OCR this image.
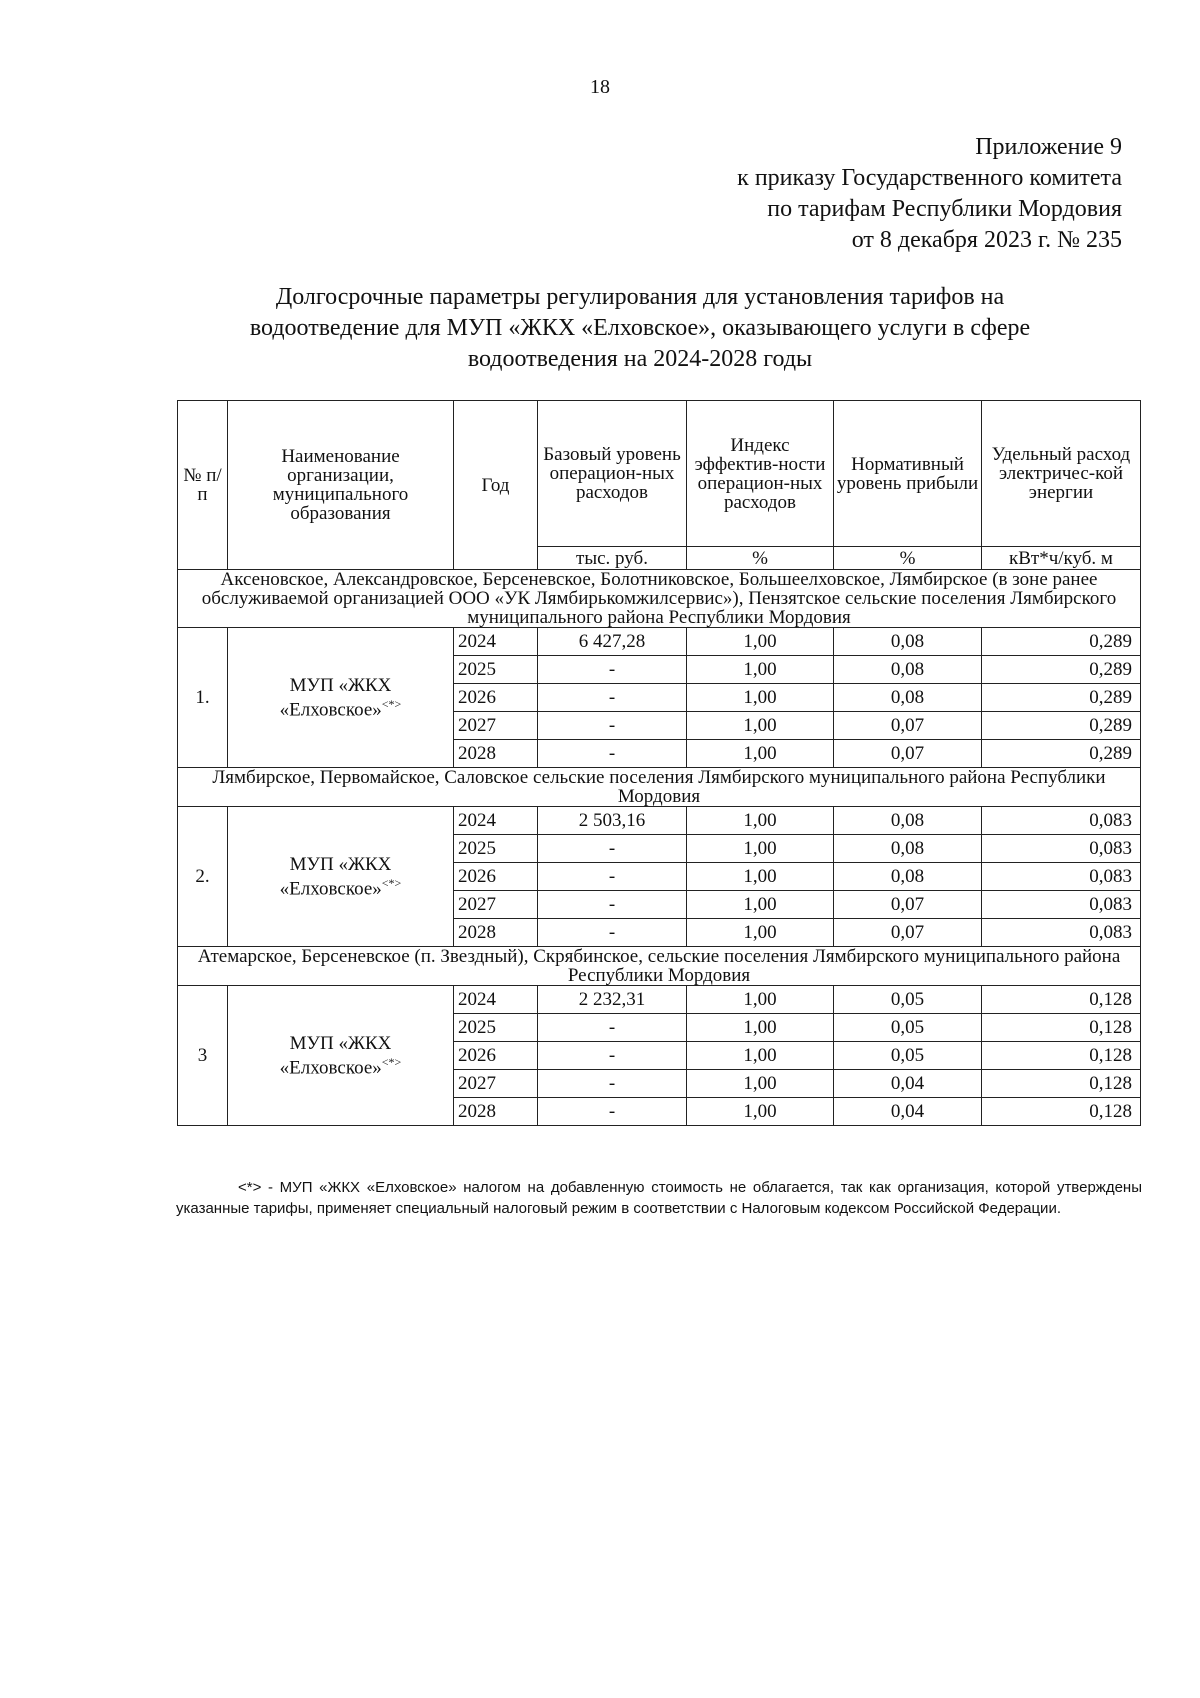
18
Приложение 9
к приказу Государственного комитета
по тарифам Республики Мордовия
от 8 декабря 2023 г. № 235
Долгосрочные параметры регулирования для установления тарифов на
водоотведение для МУП «ЖКХ «Елховское», оказывающего услуги в сфере
водоотведения на 2024-2028 годы
№ п/п	Наименование организации, муниципального образования	Год	Базовый уровень операцион-ных расходов	Индекс эффектив-ности операцион-ных расходов	Нормативный уровень прибыли	Удельный расход электричес-кой энергии
			тыс. руб.	%	%	кВт*ч/куб. м
Аксеновское, Александровское, Берсеневское, Болотниковское, Большеелховское, Лямбирское (в зоне ранее обслуживаемой организацией ООО «УК Лямбирькомжилсервис»), Пензятское сельские поселения Лямбирского муниципального района Республики Мордовия						
1.	МУП «ЖКХ «Елховское»<*>	2024	6 427,28	1,00	0,08	0,289
		2025	-	1,00	0,08	0,289
		2026	-	1,00	0,08	0,289
		2027	-	1,00	0,07	0,289
		2028	-	1,00	0,07	0,289
Лямбирское, Первомайское, Саловское сельские поселения Лямбирского муниципального района Республики Мордовия						
2.	МУП «ЖКХ «Елховское»<*>	2024	2 503,16	1,00	0,08	0,083
		2025	-	1,00	0,08	0,083
		2026	-	1,00	0,08	0,083
		2027	-	1,00	0,07	0,083
		2028	-	1,00	0,07	0,083
Атемарское, Берсеневское (п. Звездный), Скрябинское, сельские поселения Лямбирского муниципального района Республики Мордовия						
3	МУП «ЖКХ «Елховское»<*>	2024	2 232,31	1,00	0,05	0,128
		2025	-	1,00	0,05	0,128
		2026	-	1,00	0,05	0,128
		2027	-	1,00	0,04	0,128
		2028	-	1,00	0,04	0,128
<*> - МУП «ЖКХ «Елховское» налогом на добавленную стоимость не облагается, так как организация, которой утверждены указанные тарифы, применяет специальный налоговый режим в соответствии с Налоговым кодексом Российской Федерации.
